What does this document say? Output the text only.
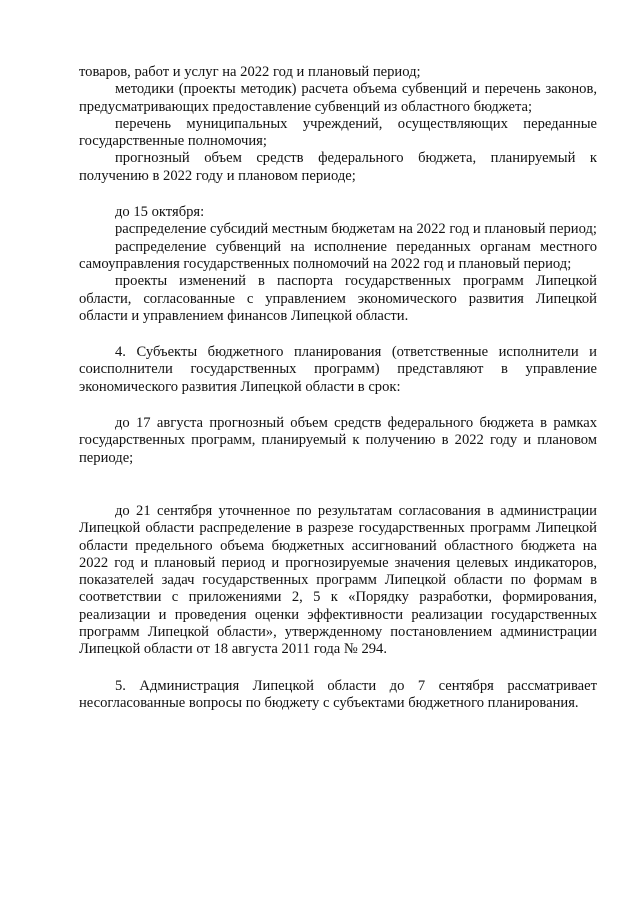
товаров, работ и услуг на 2022 год и плановый период;

методики (проекты методик) расчета объема субвенций и перечень законов, предусматривающих предоставление субвенций из областного бюджета;

перечень муниципальных учреждений, осуществляющих переданные государственные полномочия;

прогнозный объем средств федерального бюджета, планируемый к получению в 2022 году и плановом периоде;

до 15 октября:

распределение субсидий местным бюджетам на 2022 год и плановый период;

распределение субвенций на исполнение переданных органам местного самоуправления государственных полномочий на 2022 год и плановый период;

проекты изменений в паспорта государственных программ Липецкой области, согласованные с управлением экономического развития Липецкой области и управлением финансов Липецкой области.

4. Субъекты бюджетного планирования (ответственные исполнители и соисполнители государственных программ) представляют в управление экономического развития Липецкой области в срок:

до 17 августа прогнозный объем средств федерального бюджета в рамках государственных программ, планируемый к получению в 2022 году и плановом периоде;

до 21 сентября уточненное по результатам согласования в администрации Липецкой области распределение в разрезе государственных программ Липецкой области предельного объема бюджетных ассигнований областного бюджета на 2022 год и плановый период и прогнозируемые значения целевых индикаторов, показателей задач государственных программ Липецкой области по формам в соответствии с приложениями 2, 5 к «Порядку разработки, формирования, реализации и проведения оценки эффективности реализации государственных программ Липецкой области», утвержденному постановлением администрации Липецкой области от 18 августа 2011 года № 294.

5. Администрация Липецкой области до 7 сентября рассматривает несогласованные вопросы по бюджету с субъектами бюджетного планирования.
